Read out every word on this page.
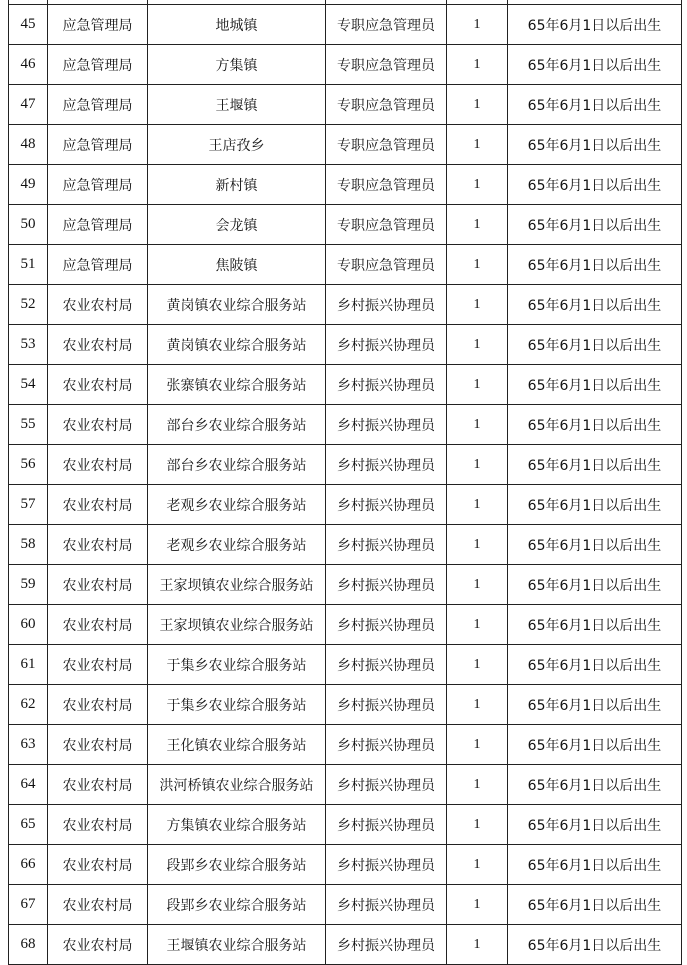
45	应急管理局	地城镇	专职应急管理员	1	65年6月1日以后出生
46	应急管理局	方集镇	专职应急管理员	1	65年6月1日以后出生
47	应急管理局	王堰镇	专职应急管理员	1	65年6月1日以后出生
48	应急管理局	王店孜乡	专职应急管理员	1	65年6月1日以后出生
49	应急管理局	新村镇	专职应急管理员	1	65年6月1日以后出生
50	应急管理局	会龙镇	专职应急管理员	1	65年6月1日以后出生
51	应急管理局	焦陂镇	专职应急管理员	1	65年6月1日以后出生
52	农业农村局	黄岗镇农业综合服务站	乡村振兴协理员	1	65年6月1日以后出生
53	农业农村局	黄岗镇农业综合服务站	乡村振兴协理员	1	65年6月1日以后出生
54	农业农村局	张寨镇农业综合服务站	乡村振兴协理员	1	65年6月1日以后出生
55	农业农村局	部台乡农业综合服务站	乡村振兴协理员	1	65年6月1日以后出生
56	农业农村局	部台乡农业综合服务站	乡村振兴协理员	1	65年6月1日以后出生
57	农业农村局	老观乡农业综合服务站	乡村振兴协理员	1	65年6月1日以后出生
58	农业农村局	老观乡农业综合服务站	乡村振兴协理员	1	65年6月1日以后出生
59	农业农村局	王家坝镇农业综合服务站	乡村振兴协理员	1	65年6月1日以后出生
60	农业农村局	王家坝镇农业综合服务站	乡村振兴协理员	1	65年6月1日以后出生
61	农业农村局	于集乡农业综合服务站	乡村振兴协理员	1	65年6月1日以后出生
62	农业农村局	于集乡农业综合服务站	乡村振兴协理员	1	65年6月1日以后出生
63	农业农村局	王化镇农业综合服务站	乡村振兴协理员	1	65年6月1日以后出生
64	农业农村局	洪河桥镇农业综合服务站	乡村振兴协理员	1	65年6月1日以后出生
65	农业农村局	方集镇农业综合服务站	乡村振兴协理员	1	65年6月1日以后出生
66	农业农村局	段郢乡农业综合服务站	乡村振兴协理员	1	65年6月1日以后出生
67	农业农村局	段郢乡农业综合服务站	乡村振兴协理员	1	65年6月1日以后出生
68	农业农村局	王堰镇农业综合服务站	乡村振兴协理员	1	65年6月1日以后出生
